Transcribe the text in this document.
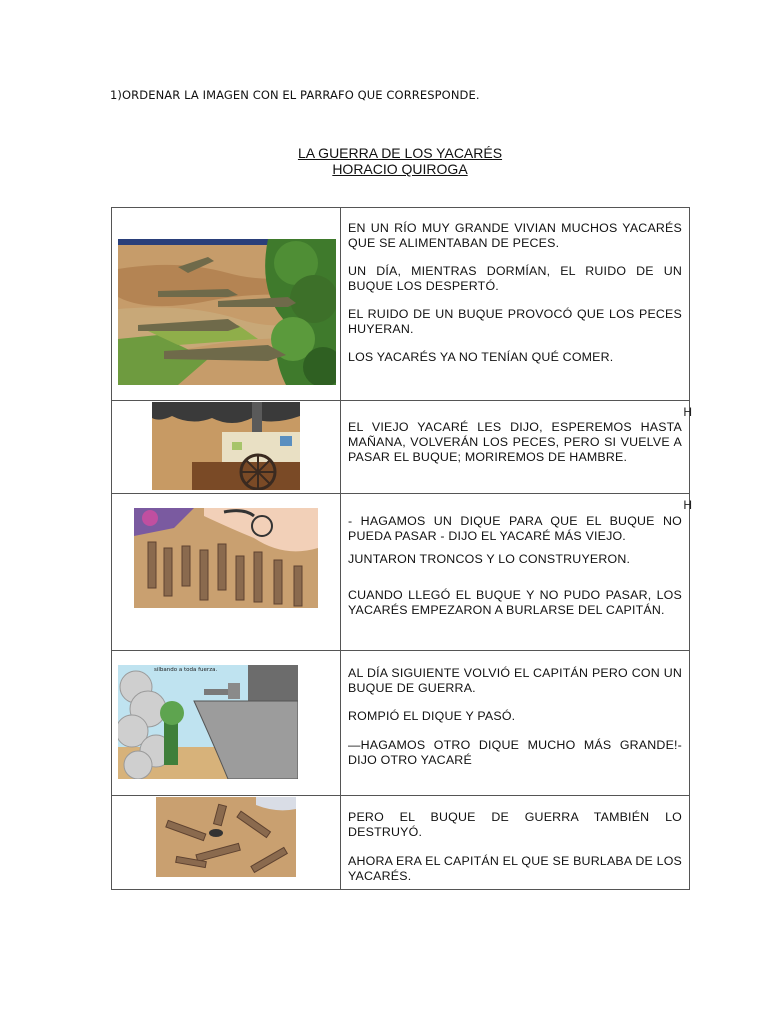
1)ORDENAR LA IMAGEN CON EL PARRAFO QUE CORRESPONDE.
LA GUERRA DE LOS YACARÉS
HORACIO QUIROGA

EN UN RÍO MUY GRANDE VIVIAN MUCHOS YACARÉS QUE SE ALIMENTABAN DE PECES.

UN DÍA, MIENTRAS DORMÍAN, EL RUIDO DE UN BUQUE LOS DESPERTÓ.

EL RUIDO DE UN BUQUE PROVOCÓ QUE LOS PECES HUYERAN.

LOS YACARÉS YA NO TENÍAN QUÉ COMER.

H

EL VIEJO YACARÉ LES DIJO, ESPEREMOS HASTA MAÑANA, VOLVERÁN LOS PECES, PERO SI VUELVE A PASAR EL BUQUE; MORIREMOS DE HAMBRE.

H

- HAGAMOS UN DIQUE PARA QUE EL BUQUE NO PUEDA PASAR - DIJO EL YACARÉ MÁS VIEJO.

JUNTARON TRONCOS Y LO CONSTRUYERON.

CUANDO LLEGÓ EL BUQUE Y NO PUDO PASAR, LOS YACARÉS EMPEZARON A BURLARSE DEL CAPITÁN.

silbando a toda fuerza.	AL DÍA SIGUIENTE VOLVIÓ EL CAPITÁN PERO CON UN BUQUE DE GUERRA.

ROMPIÓ EL DIQUE Y PASÓ.

—HAGAMOS OTRO DIQUE MUCHO MÁS GRANDE!- DIJO OTRO YACARÉ

PERO EL BUQUE DE GUERRA TAMBIÉN LO DESTRUYÓ.

AHORA ERA EL CAPITÁN EL QUE SE BURLABA DE LOS YACARÉS.
